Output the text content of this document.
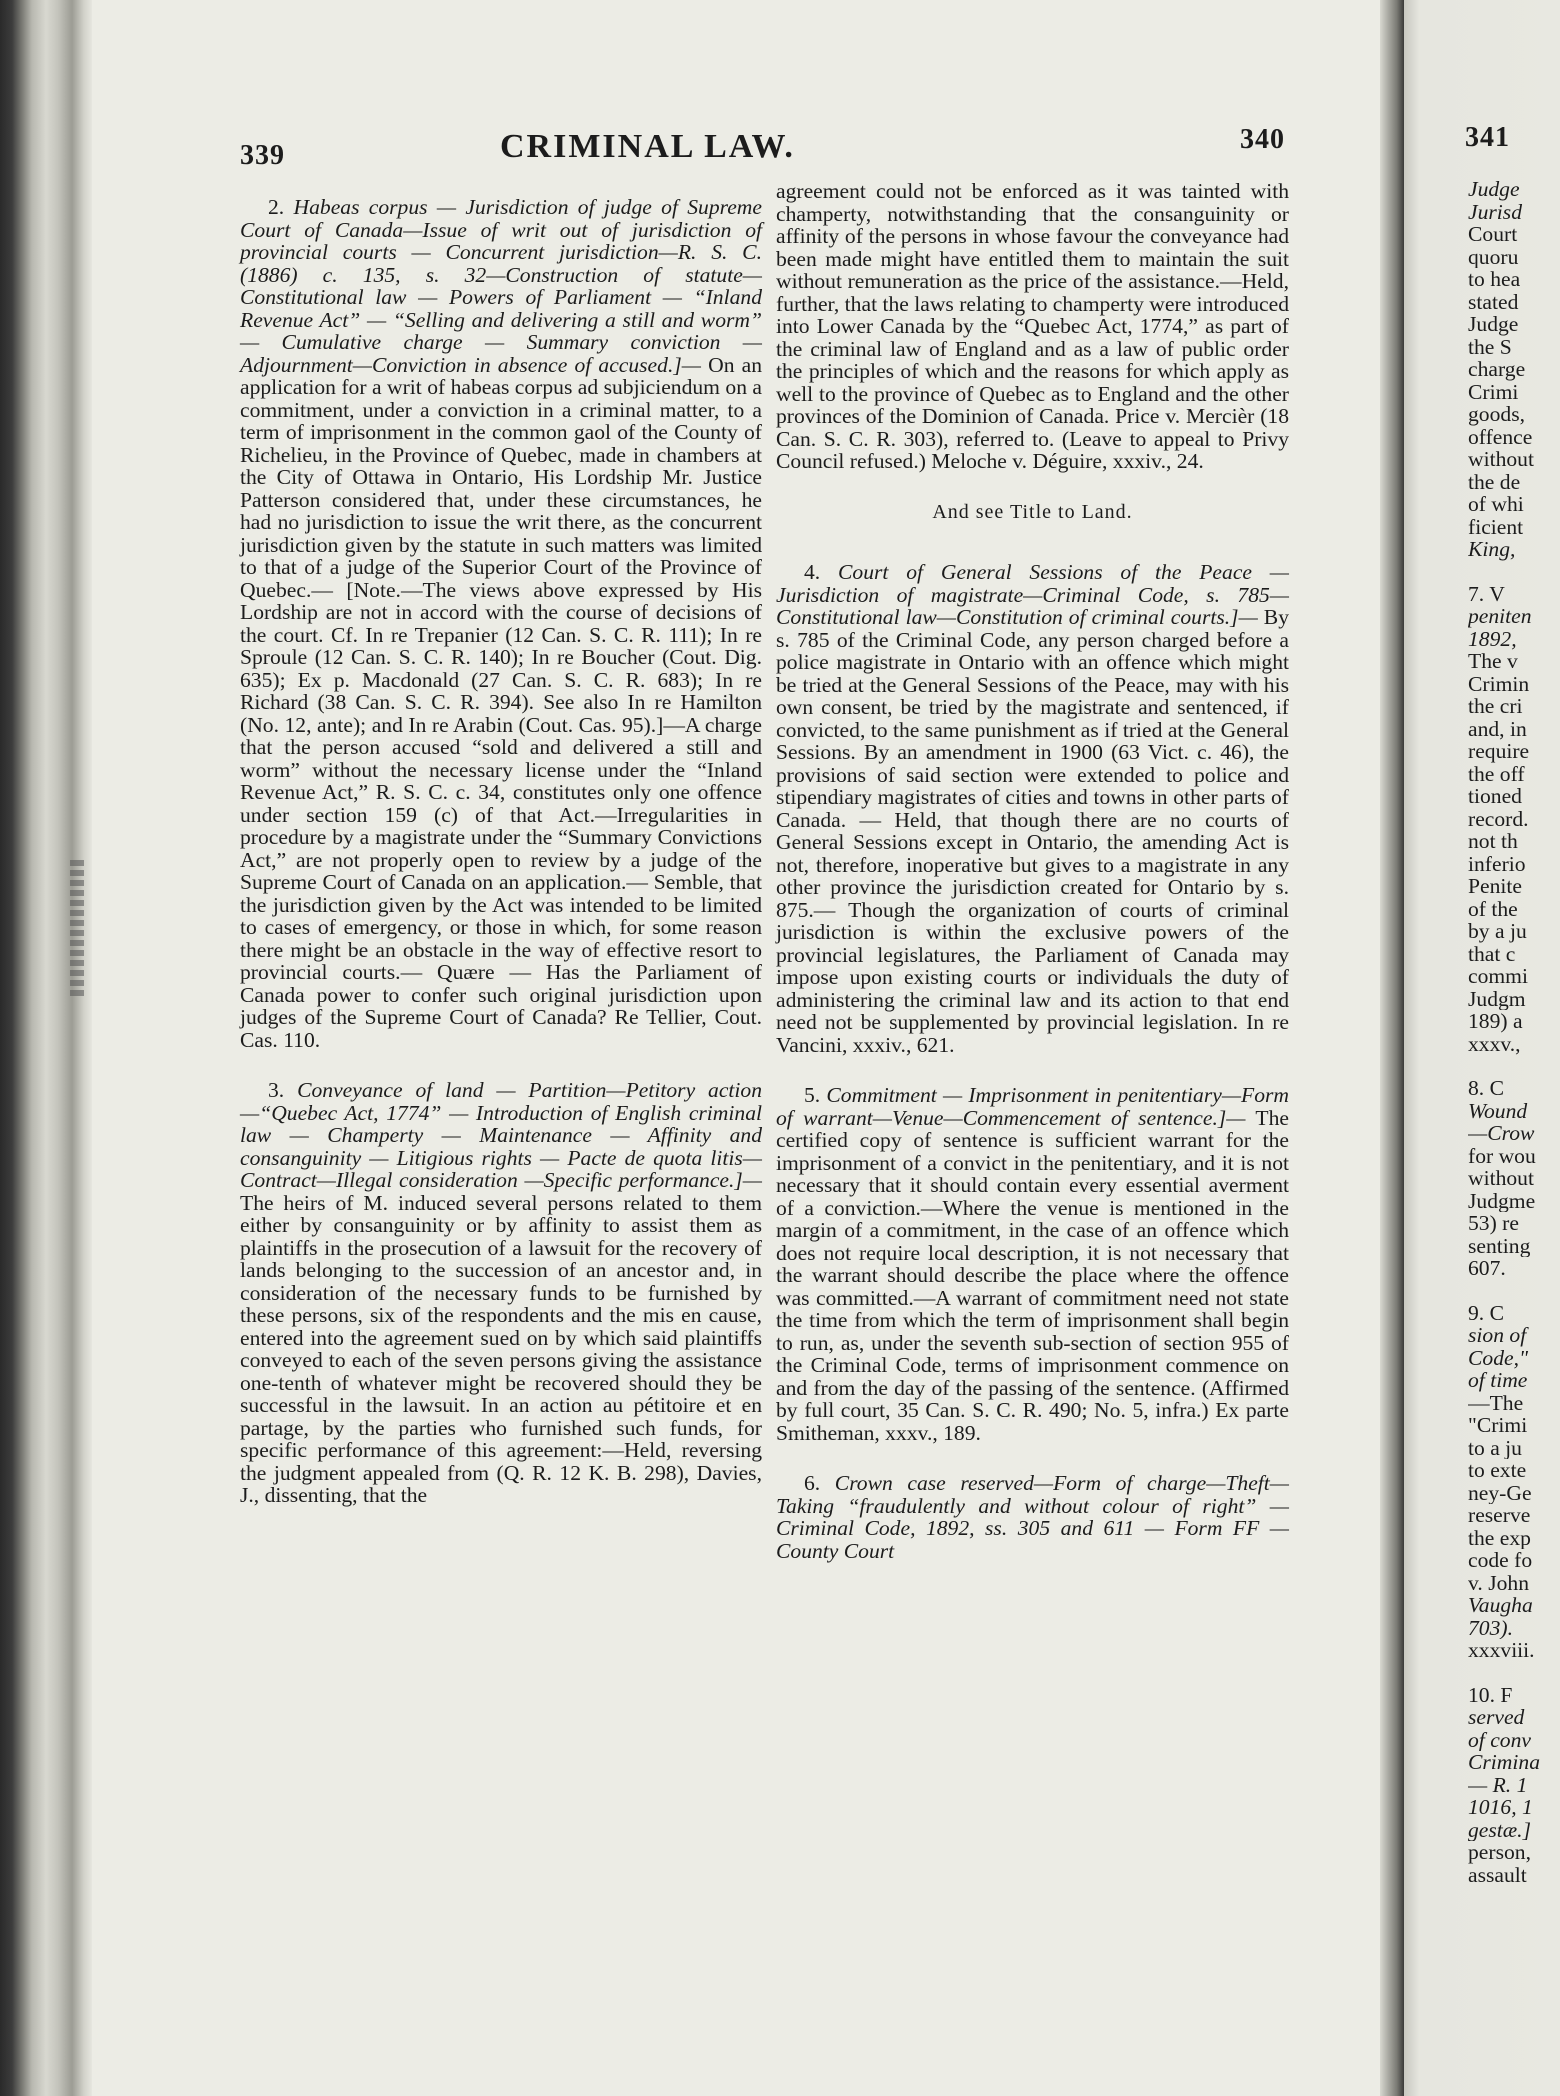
339	CRIMINAL LAW.	340	341

2. Habeas corpus — Jurisdiction of judge of Supreme Court of Canada—Issue of writ out of jurisdiction of provincial courts — Concurrent jurisdiction—R. S. C. (1886) c. 135, s. 32—Construction of statute—Constitutional law — Powers of Parliament — “Inland Revenue Act” — “Selling and delivering a still and worm” — Cumulative charge — Summary conviction — Adjournment—Conviction in absence of accused.]— On an application for a writ of habeas corpus ad subjiciendum on a commitment, under a conviction in a criminal matter, to a term of imprisonment in the common gaol of the County of Richelieu, in the Province of Quebec, made in chambers at the City of Ottawa in Ontario, His Lordship Mr. Justice Patterson considered that, under these circumstances, he had no jurisdiction to issue the writ there, as the concurrent jurisdiction given by the statute in such matters was limited to that of a judge of the Superior Court of the Province of Quebec.— [Note.—The views above expressed by His Lordship are not in accord with the course of decisions of the court. Cf. In re Trepanier (12 Can. S. C. R. 111); In re Sproule (12 Can. S. C. R. 140); In re Boucher (Cout. Dig. 635); Ex p. Macdonald (27 Can. S. C. R. 683); In re Richard (38 Can. S. C. R. 394). See also In re Hamilton (No. 12, ante); and In re Arabin (Cout. Cas. 95).]—A charge that the person accused “sold and delivered a still and worm” without the necessary license under the “Inland Revenue Act,” R. S. C. c. 34, constitutes only one offence under section 159 (c) of that Act.—Irregularities in procedure by a magistrate under the “Summary Convictions Act,” are not properly open to review by a judge of the Supreme Court of Canada on an application.— Semble, that the jurisdiction given by the Act was intended to be limited to cases of emergency, or those in which, for some reason there might be an obstacle in the way of effective resort to provincial courts.— Quære — Has the Parliament of Canada power to confer such original jurisdiction upon judges of the Supreme Court of Canada? Re Tellier, Cout. Cas. 110.

3. Conveyance of land — Partition—Petitory action—“Quebec Act, 1774” — Introduction of English criminal law — Champerty — Maintenance — Affinity and consanguinity — Litigious rights — Pacte de quota litis—Contract—Illegal consideration —Specific performance.]— The heirs of M. induced several persons related to them either by consanguinity or by affinity to assist them as plaintiffs in the prosecution of a lawsuit for the recovery of lands belonging to the succession of an ancestor and, in consideration of the necessary funds to be furnished by these persons, six of the respondents and the mis en cause, entered into the agreement sued on by which said plaintiffs conveyed to each of the seven persons giving the assistance one-tenth of whatever might be recovered should they be successful in the lawsuit. In an action au pétitoire et en partage, by the parties who furnished such funds, for specific performance of this agreement:—Held, reversing the judgment appealed from (Q. R. 12 K. B. 298), Davies, J., dissenting, that the

agreement could not be enforced as it was tainted with champerty, notwithstanding that the consanguinity or affinity of the persons in whose favour the conveyance had been made might have entitled them to maintain the suit without remuneration as the price of the assistance.—Held, further, that the laws relating to champerty were introduced into Lower Canada by the “Quebec Act, 1774,” as part of the criminal law of England and as a law of public order the principles of which and the reasons for which apply as well to the province of Quebec as to England and the other provinces of the Dominion of Canada. Price v. Mercièr (18 Can. S. C. R. 303), referred to. (Leave to appeal to Privy Council refused.) Meloche v. Déguire, xxxiv., 24.

And see Title to Land.

4. Court of General Sessions of the Peace —Jurisdiction of magistrate—Criminal Code, s. 785—Constitutional law—Constitution of criminal courts.]— By s. 785 of the Criminal Code, any person charged before a police magistrate in Ontario with an offence which might be tried at the General Sessions of the Peace, may with his own consent, be tried by the magistrate and sentenced, if convicted, to the same punishment as if tried at the General Sessions. By an amendment in 1900 (63 Vict. c. 46), the provisions of said section were extended to police and stipendiary magistrates of cities and towns in other parts of Canada. — Held, that though there are no courts of General Sessions except in Ontario, the amending Act is not, therefore, inoperative but gives to a magistrate in any other province the jurisdiction created for Ontario by s. 875.— Though the organization of courts of criminal jurisdiction is within the exclusive powers of the provincial legislatures, the Parliament of Canada may impose upon existing courts or individuals the duty of administering the criminal law and its action to that end need not be supplemented by provincial legislation. In re Vancini, xxxiv., 621.

5. Commitment — Imprisonment in penitentiary—Form of warrant—Venue—Commencement of sentence.]— The certified copy of sentence is sufficient warrant for the imprisonment of a convict in the penitentiary, and it is not necessary that it should contain every essential averment of a conviction.—Where the venue is mentioned in the margin of a commitment, in the case of an offence which does not require local description, it is not necessary that the warrant should describe the place where the offence was committed.—A warrant of commitment need not state the time from which the term of imprisonment shall begin to run, as, under the seventh sub-section of section 955 of the Criminal Code, terms of imprisonment commence on and from the day of the passing of the sentence. (Affirmed by full court, 35 Can. S. C. R. 490; No. 5, infra.) Ex parte Smitheman, xxxv., 189.

6. Crown case reserved—Form of charge—Theft—Taking “fraudulently and without colour of right” — Criminal Code, 1892, ss. 305 and 611 — Form FF — County Court

Judge
Jurisd
Court
quoru
to hea
stated
Judge
the S
charge
Crimi
goods,
offence
without
the de
of whi
ficient
King,
7. V
peniten
1892,
The v
Crimin
the cri
and, in
require
the off
tioned
record.
not th
inferio
Penite
of the
by a ju
that c
commi
Judgm
189) a
xxxv.,
8. C
Wound
—Crow
for wou
without
Judgme
53) re
senting
607.
9. C
sion of
Code,"
of time
—The
"Crimi
to a ju
to exte
ney-Ge
reserve
the exp
code fo
v. John
Vaugha
703).
xxxviii.
10. F
served
of conv
Crimina
— R. 1
1016, 1
gestæ.]
person,
assault
